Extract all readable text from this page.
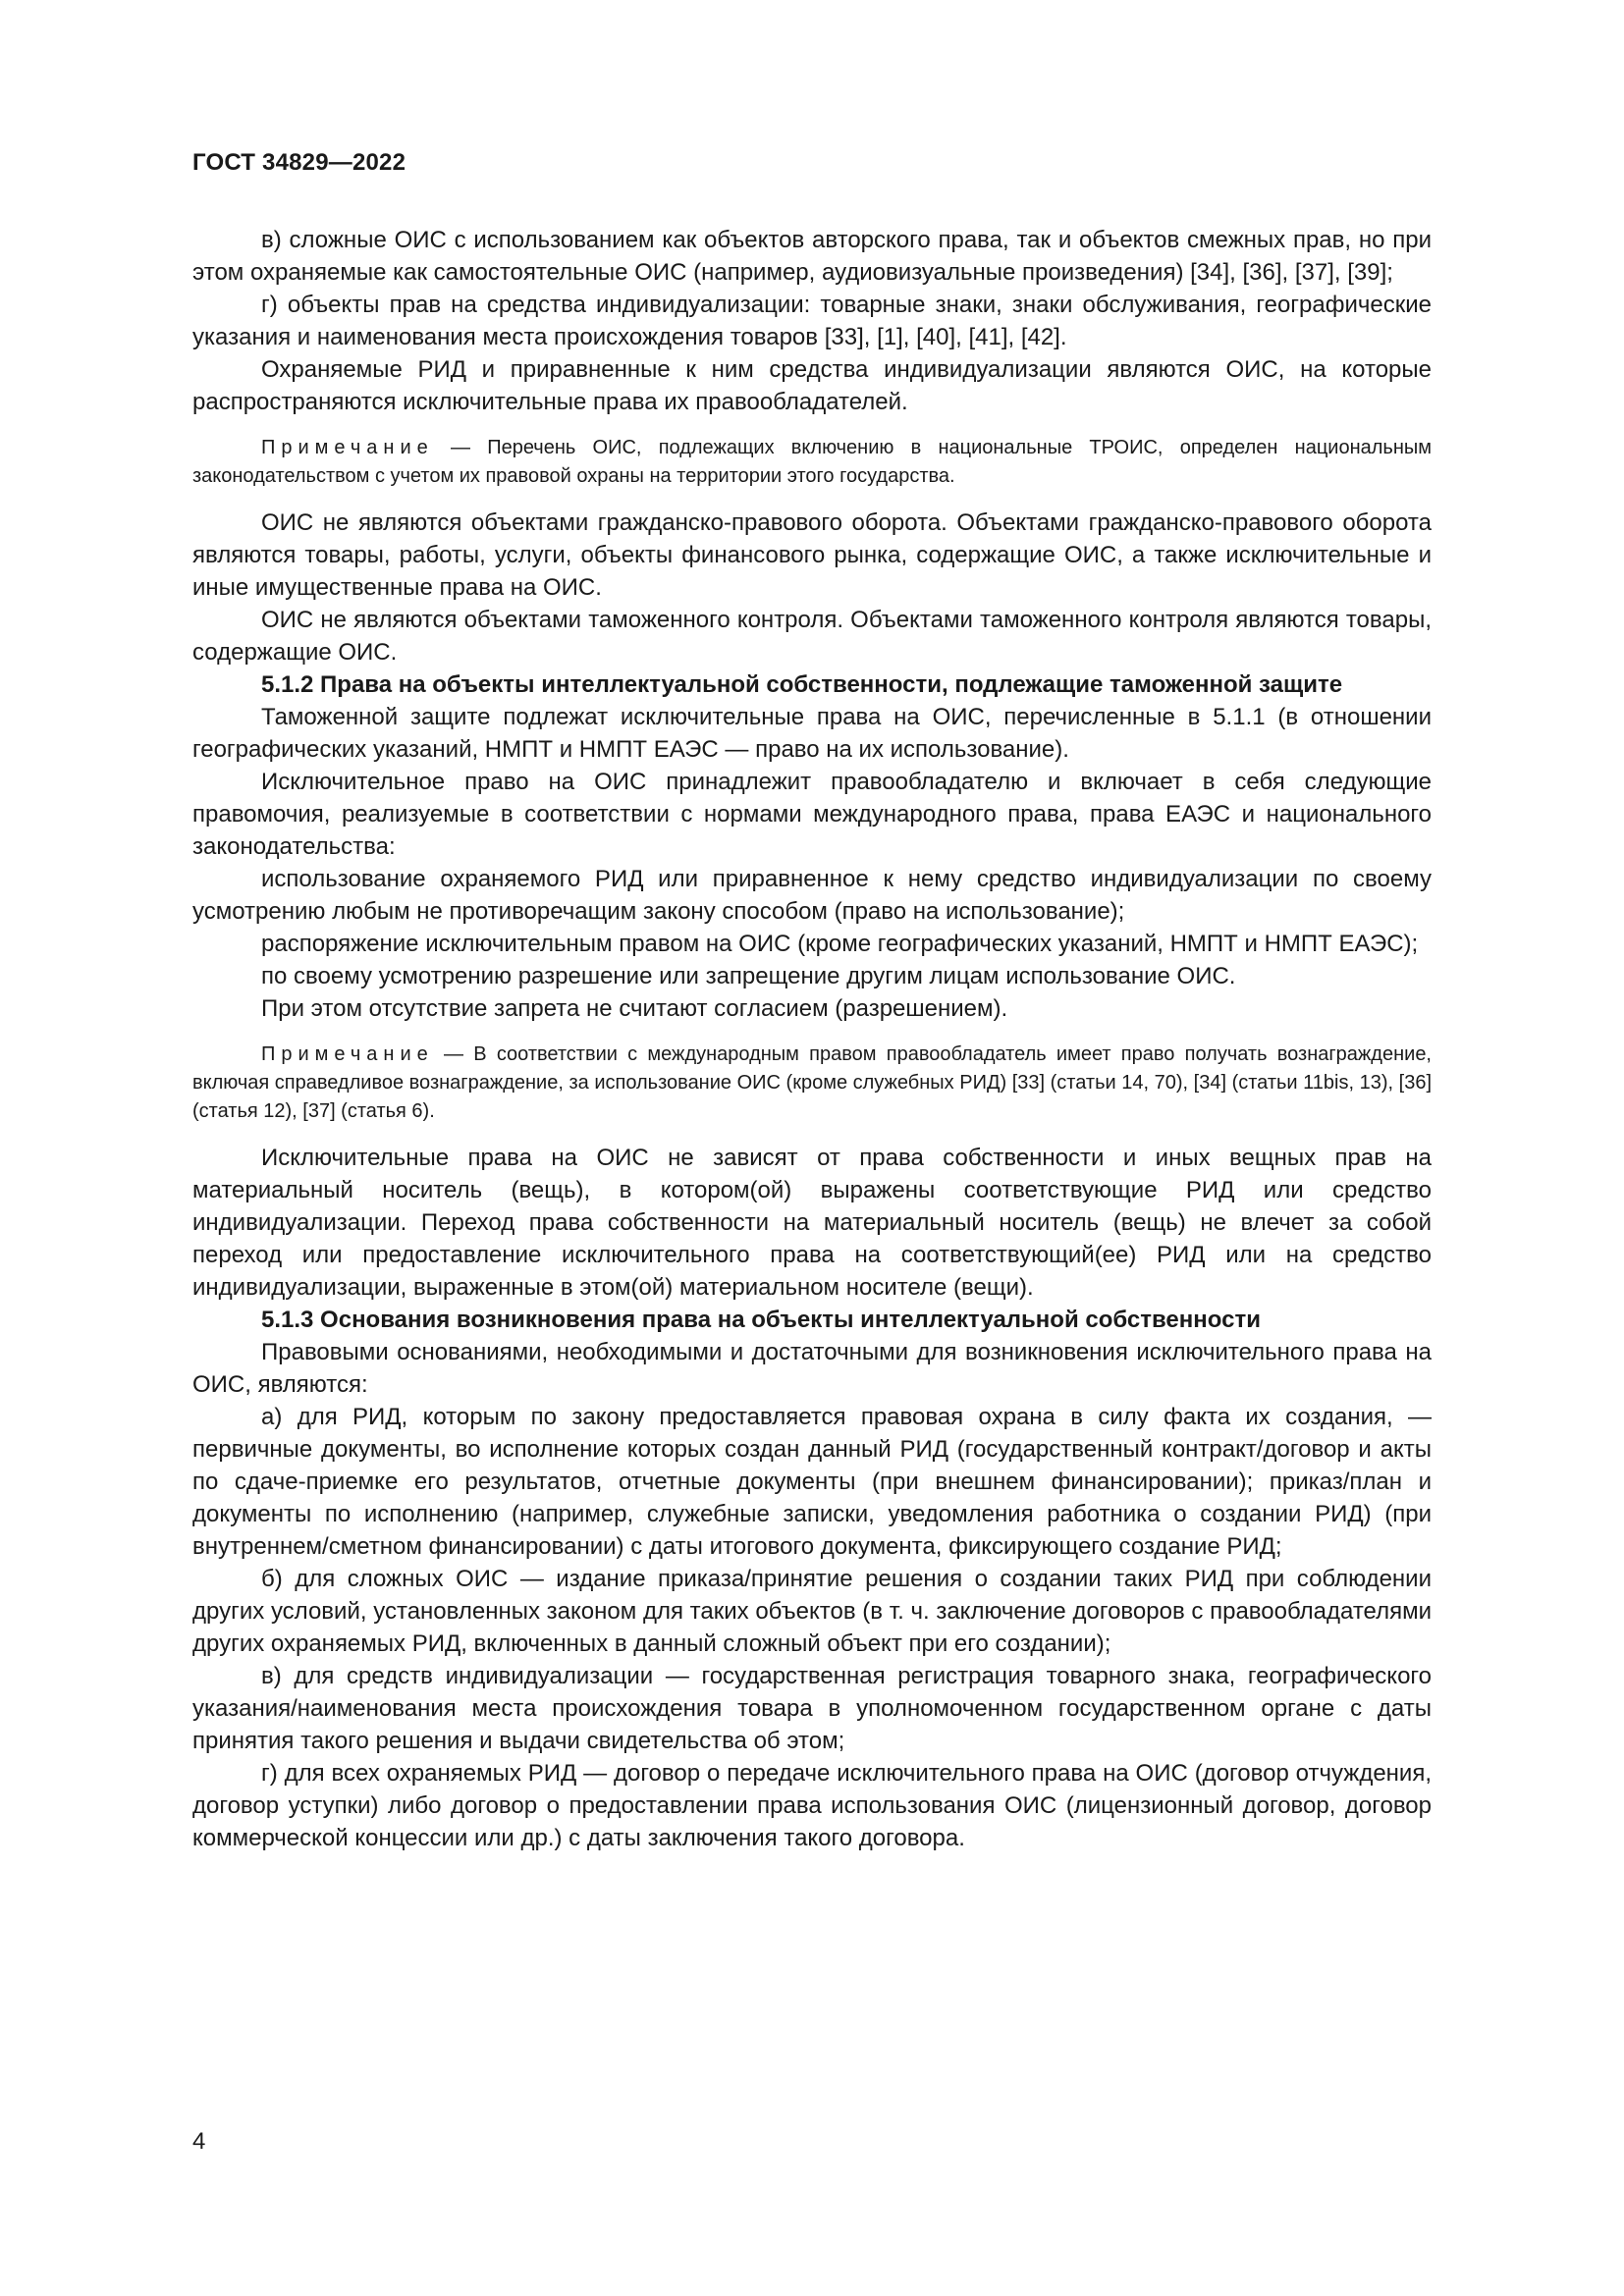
ГОСТ 34829—2022

в) сложные ОИС с использованием как объектов авторского права, так и объектов смежных прав, но при этом охраняемые как самостоятельные ОИС (например, аудиовизуальные произведения) [34], [36], [37], [39];

г) объекты прав на средства индивидуализации: товарные знаки, знаки обслуживания, географические указания и наименования места происхождения товаров [33], [1], [40], [41], [42].

Охраняемые РИД и приравненные к ним средства индивидуализации являются ОИС, на которые распространяются исключительные права их правообладателей.

Примечание — Перечень ОИС, подлежащих включению в национальные ТРОИС, определен национальным законодательством с учетом их правовой охраны на территории этого государства.

ОИС не являются объектами гражданско-правового оборота. Объектами гражданско-правового оборота являются товары, работы, услуги, объекты финансового рынка, содержащие ОИС, а также исключительные и иные имущественные права на ОИС.

ОИС не являются объектами таможенного контроля. Объектами таможенного контроля являются товары, содержащие ОИС.

5.1.2 Права на объекты интеллектуальной собственности, подлежащие таможенной защите

Таможенной защите подлежат исключительные права на ОИС, перечисленные в 5.1.1 (в отношении географических указаний, НМПТ и НМПТ ЕАЭС — право на их использование).

Исключительное право на ОИС принадлежит правообладателю и включает в себя следующие правомочия, реализуемые в соответствии с нормами международного права, права ЕАЭС и национального законодательства:

использование охраняемого РИД или приравненное к нему средство индивидуализации по своему усмотрению любым не противоречащим закону способом (право на использование);

распоряжение исключительным правом на ОИС (кроме географических указаний, НМПТ и НМПТ ЕАЭС);

по своему усмотрению разрешение или запрещение другим лицам использование ОИС.

При этом отсутствие запрета не считают согласием (разрешением).

Примечание — В соответствии с международным правом правообладатель имеет право получать вознаграждение, включая справедливое вознаграждение, за использование ОИС (кроме служебных РИД) [33] (статьи 14, 70), [34] (статьи 11bis, 13), [36] (статья 12), [37] (статья 6).

Исключительные права на ОИС не зависят от права собственности и иных вещных прав на материальный носитель (вещь), в котором(ой) выражены соответствующие РИД или средство индивидуализации. Переход права собственности на материальный носитель (вещь) не влечет за собой переход или предоставление исключительного права на соответствующий(ее) РИД или на средство индивидуализации, выраженные в этом(ой) материальном носителе (вещи).

5.1.3 Основания возникновения права на объекты интеллектуальной собственности

Правовыми основаниями, необходимыми и достаточными для возникновения исключительного права на ОИС, являются:

а) для РИД, которым по закону предоставляется правовая охрана в силу факта их создания, — первичные документы, во исполнение которых создан данный РИД (государственный контракт/договор и акты по сдаче-приемке его результатов, отчетные документы (при внешнем финансировании); приказ/план и документы по исполнению (например, служебные записки, уведомления работника о создании РИД) (при внутреннем/сметном финансировании) с даты итогового документа, фиксирующего создание РИД;

б) для сложных ОИС — издание приказа/принятие решения о создании таких РИД при соблюдении других условий, установленных законом для таких объектов (в т. ч. заключение договоров с правообладателями других охраняемых РИД, включенных в данный сложный объект при его создании);

в) для средств индивидуализации — государственная регистрация товарного знака, географического указания/наименования места происхождения товара в уполномоченном государственном органе с даты принятия такого решения и выдачи свидетельства об этом;

г) для всех охраняемых РИД — договор о передаче исключительного права на ОИС (договор отчуждения, договор уступки) либо договор о предоставлении права использования ОИС (лицензионный договор, договор коммерческой концессии или др.) с даты заключения такого договора.

4
